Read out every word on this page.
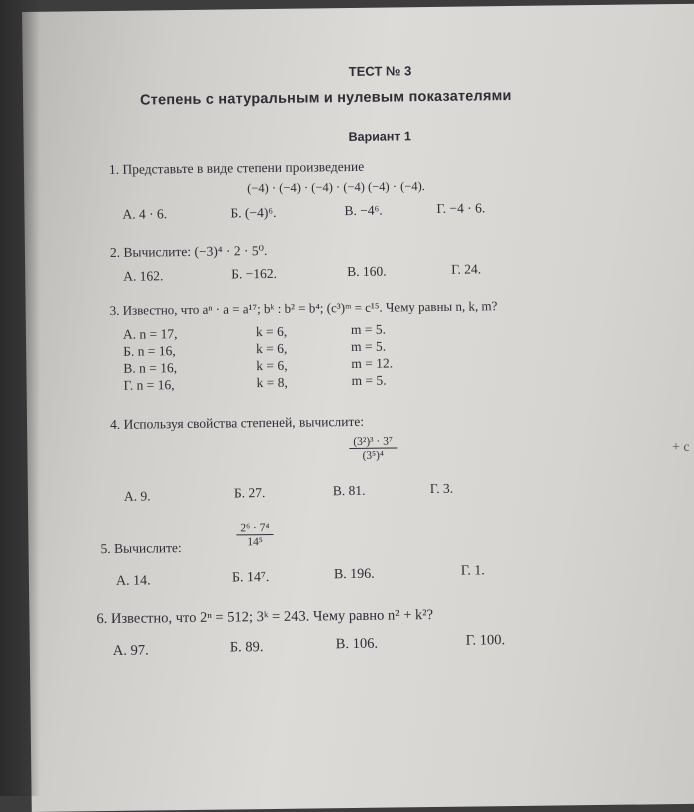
ТЕСТ № 3
Степень с натуральным и нулевым показателями
Вариант 1
1. Представьте в виде степени произведение
(−4) · (−4) · (−4) · (−4) (−4) · (−4).
А. 4 · 6.	Б. (−4)⁶.	В. −4⁶.	Г. −4 · 6.
2. Вычислите: (−3)⁴ · 2 · 5⁰.
А. 162.	Б. −162.	В. 160.	Г. 24.
3. Известно, что aⁿ · a = a¹⁷; bᵏ : b² = b⁴; (c³)ᵐ = c¹⁵. Чему равны n, k, m?
А. n = 17,	k = 6,	m = 5.
Б. n = 16,	k = 6,	m = 5.
В. n = 16,	k = 6,	m = 12.
Г. n = 16,	k = 8,	m = 5.
4. Используя свойства степеней, вычислите:
$\frac{\text{(3²)³ · 3⁷}}{\text{(3⁵)⁴}}$
А. 9.	Б. 27.	В. 81.	Г. 3.
5. Вычислите:	$\frac{\text{2⁶ · 7⁴}}{\text{14⁵}}$
А. 14.	Б. 14⁷.	В. 196.	Г. 1.
6. Известно, что 2ⁿ = 512; 3ᵏ = 243. Чему равно n² + k²?
А. 97.	Б. 89.	В. 106.	Г. 100.
+ с
